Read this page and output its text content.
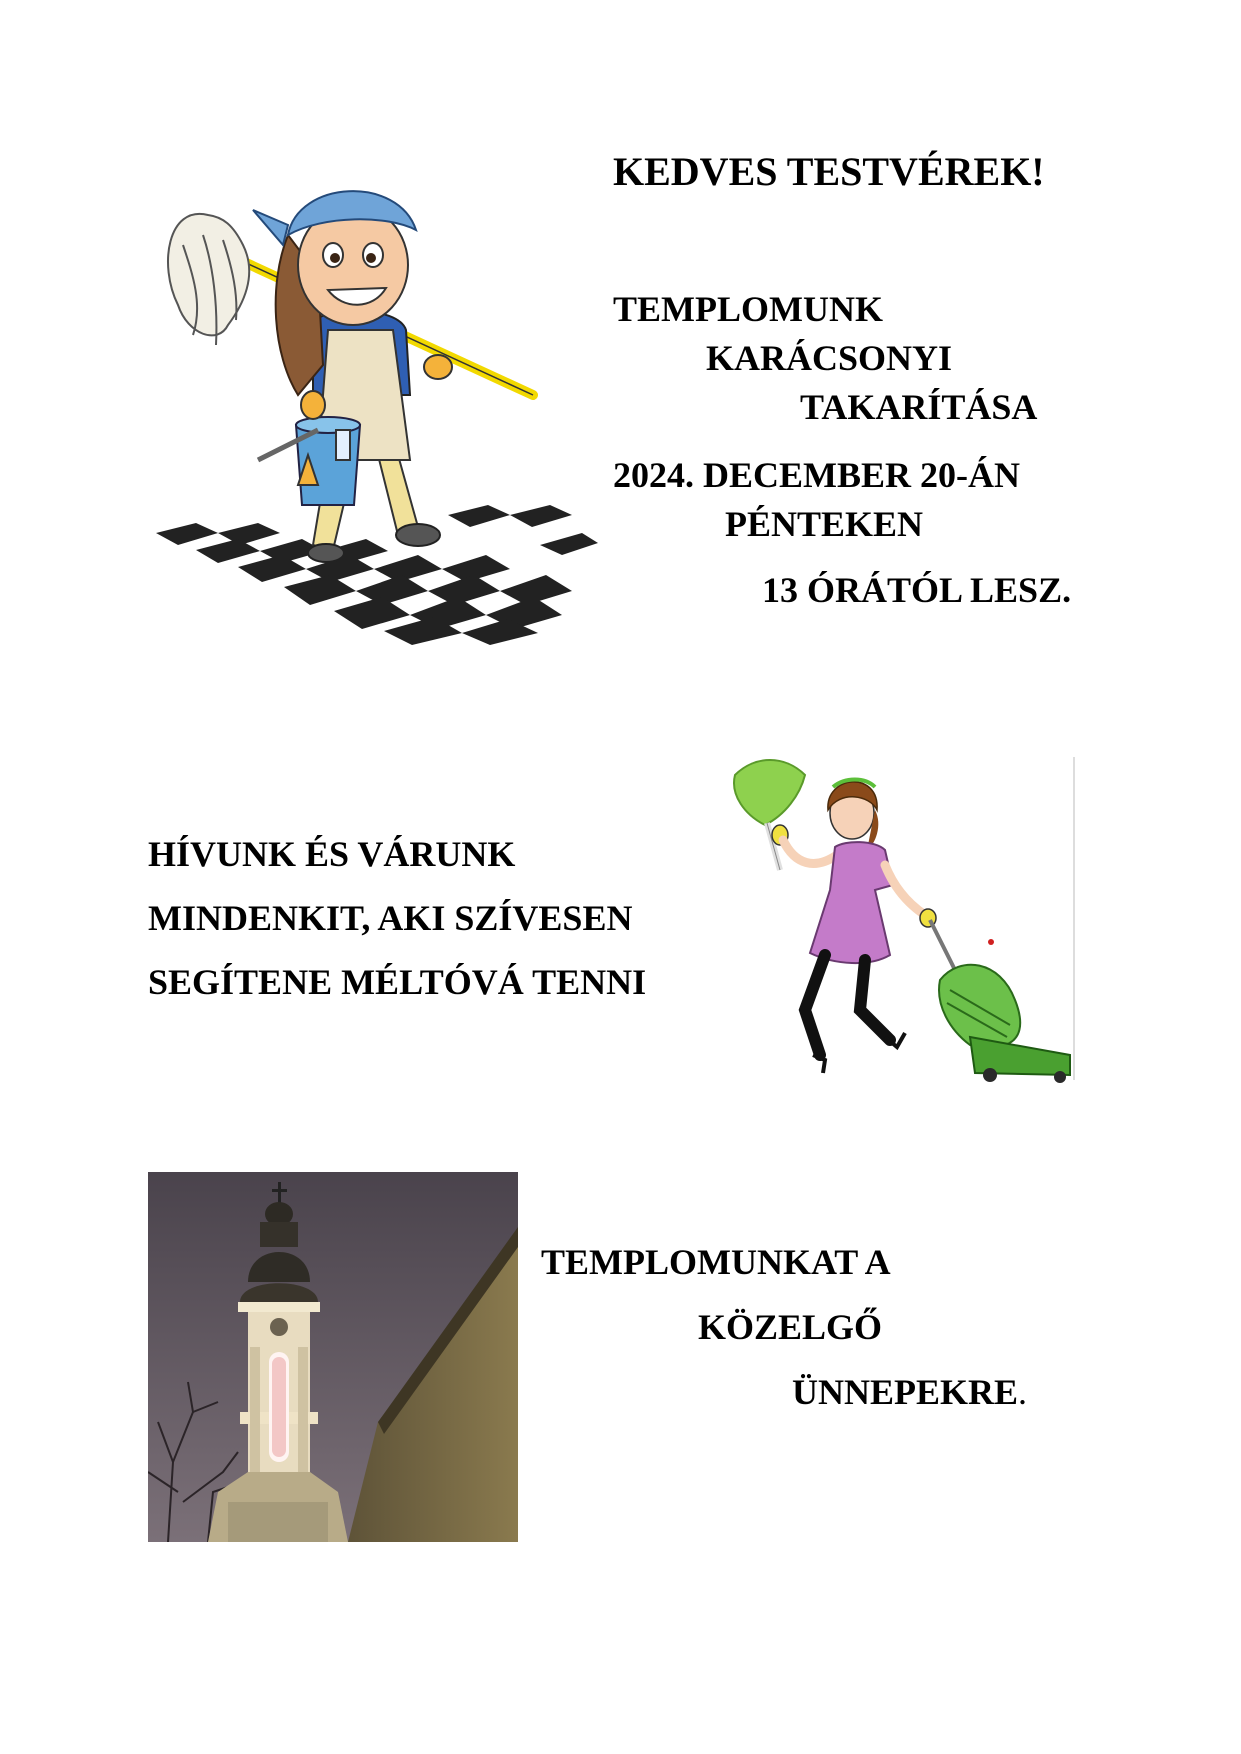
KEDVES TESTVÉREK!

TEMPLOMUNK

KARÁCSONYI

TAKARÍTÁSA

2024. DECEMBER 20-ÁN

PÉNTEKEN

13 ÓRÁTÓL LESZ.

HÍVUNK ÉS VÁRUNK

MINDENKIT, AKI SZÍVESEN

SEGÍTENE MÉLTÓVÁ TENNI

TEMPLOMUNKAT A

KÖZELGŐ

ÜNNEPEKRE.
